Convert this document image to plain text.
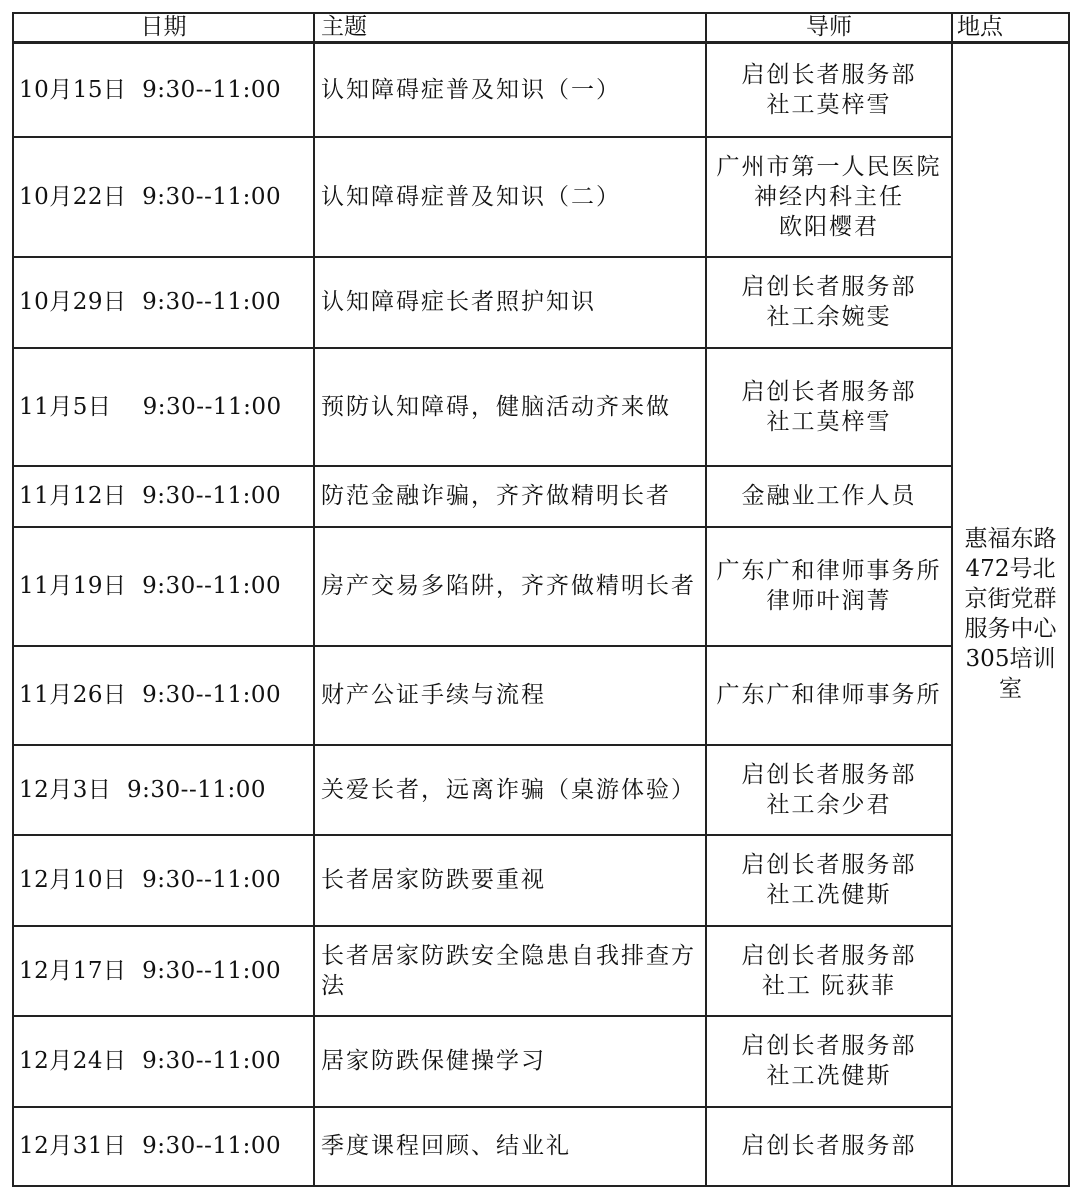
日期	主题	导师	地点
10月15日  9:30--11:00	认知障碍症普及知识（一）	启创长者服务部
社工莫梓雪	惠福东路472号北京街党群服务中心305培训室
10月22日  9:30--11:00	认知障碍症普及知识（二）	广州市第一人民医院
神经内科主任
欧阳樱君	

10月29日  9:30--11:00	认知障碍症长者照护知识	启创长者服务部
社工余婉雯	

11月5日    9:30--11:00	预防认知障碍，健脑活动齐来做	启创长者服务部
社工莫梓雪	

11月12日  9:30--11:00	防范金融诈骗，齐齐做精明长者	金融业工作人员	

11月19日  9:30--11:00	房产交易多陷阱，齐齐做精明长者	广东广和律师事务所
律师叶润菁	

11月26日  9:30--11:00	财产公证手续与流程	广东广和律师事务所	

12月3日  9:30--11:00	关爱长者，远离诈骗（桌游体验）	启创长者服务部
社工余少君	

12月10日  9:30--11:00	长者居家防跌要重视	启创长者服务部
社工冼健斯	

12月17日  9:30--11:00	长者居家防跌安全隐患自我排查方法	启创长者服务部
社工 阮荻菲	

12月24日  9:30--11:00	居家防跌保健操学习	启创长者服务部
社工冼健斯	

12月31日  9:30--11:00	季度课程回顾、结业礼	启创长者服务部	
